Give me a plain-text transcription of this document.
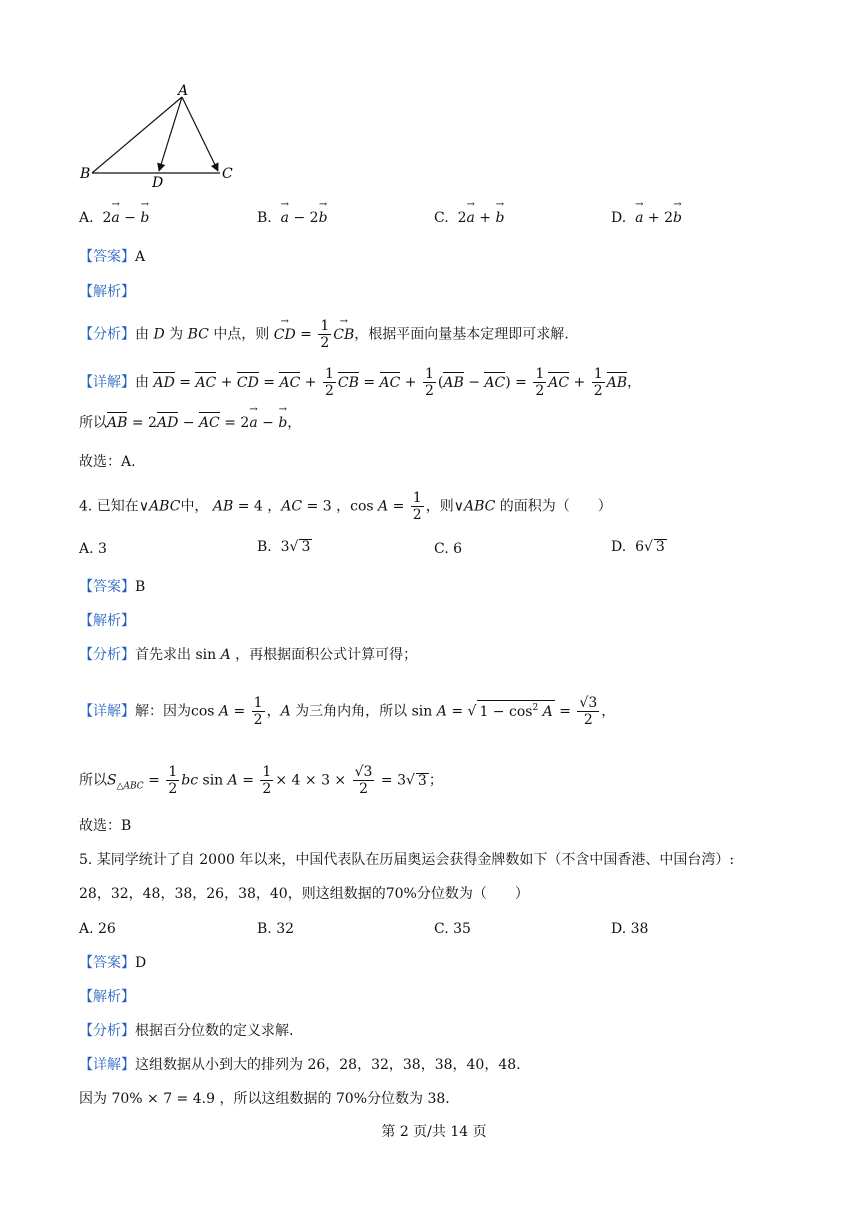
A
B	C
D
A.  2a → − b →	B. a → − 2b →	C.  2a → + b →	D. a → + 2b →
【答案】A
【解析】
【分析】由 D 为 BC 中点，则 CD → = $\frac{1}{2}$ CB →，根据平面向量基本定理即可求解.
【详解】由 AD = AC + CD = AC + $\frac{1}{2}$ CB = AC + $\frac{1}{2} (AB - AC) = \frac{1}{2}$ AC + $\frac{1}{2}$ AB，
所以AB = 2AD − AC = 2a → − b →，
故选：A.
4. 已知在∨ABC中， AB = 4 ，AC = 3 ，$\cos A = \frac{1}{2}$ ，则∨ABC 的面积为（　　）
A. 3	B.  3√ 3	C. 6	D.  6√ 3
【答案】B
【解析】
【分析】首先求出 sin A ，再根据面积公式计算可得；
【详解】解：因为$\cos A = \frac{1}{2}$ ，A 为三角内角，所以 sin A = √ $1 - \cos^2 A = \frac{√3}{2}$ ，
所以$S_{\triangle ABC} = \frac{1}{2}$ bc $\sin A = \frac{1}{2} \times 4 \times 3 \times \frac{√3}{2} = 3√$ 3 ；
故选：B
5. 某同学统计了自 2000 年以来，中国代表队在历届奥运会获得金牌数如下（不含中国香港、中国台湾）:
28，32，48，38，26，38，40，则这组数据的70%分位数为（　　）
A. 26	B. 32	C. 35	D. 38
【答案】D
【解析】
【分析】根据百分位数的定义求解.
【详解】这组数据从小到大的排列为 26，28，32，38，38，40，48.
因为 70% × 7 = 4.9 ，所以这组数据的 70%分位数为 38.
第 2 页/共 14 页
